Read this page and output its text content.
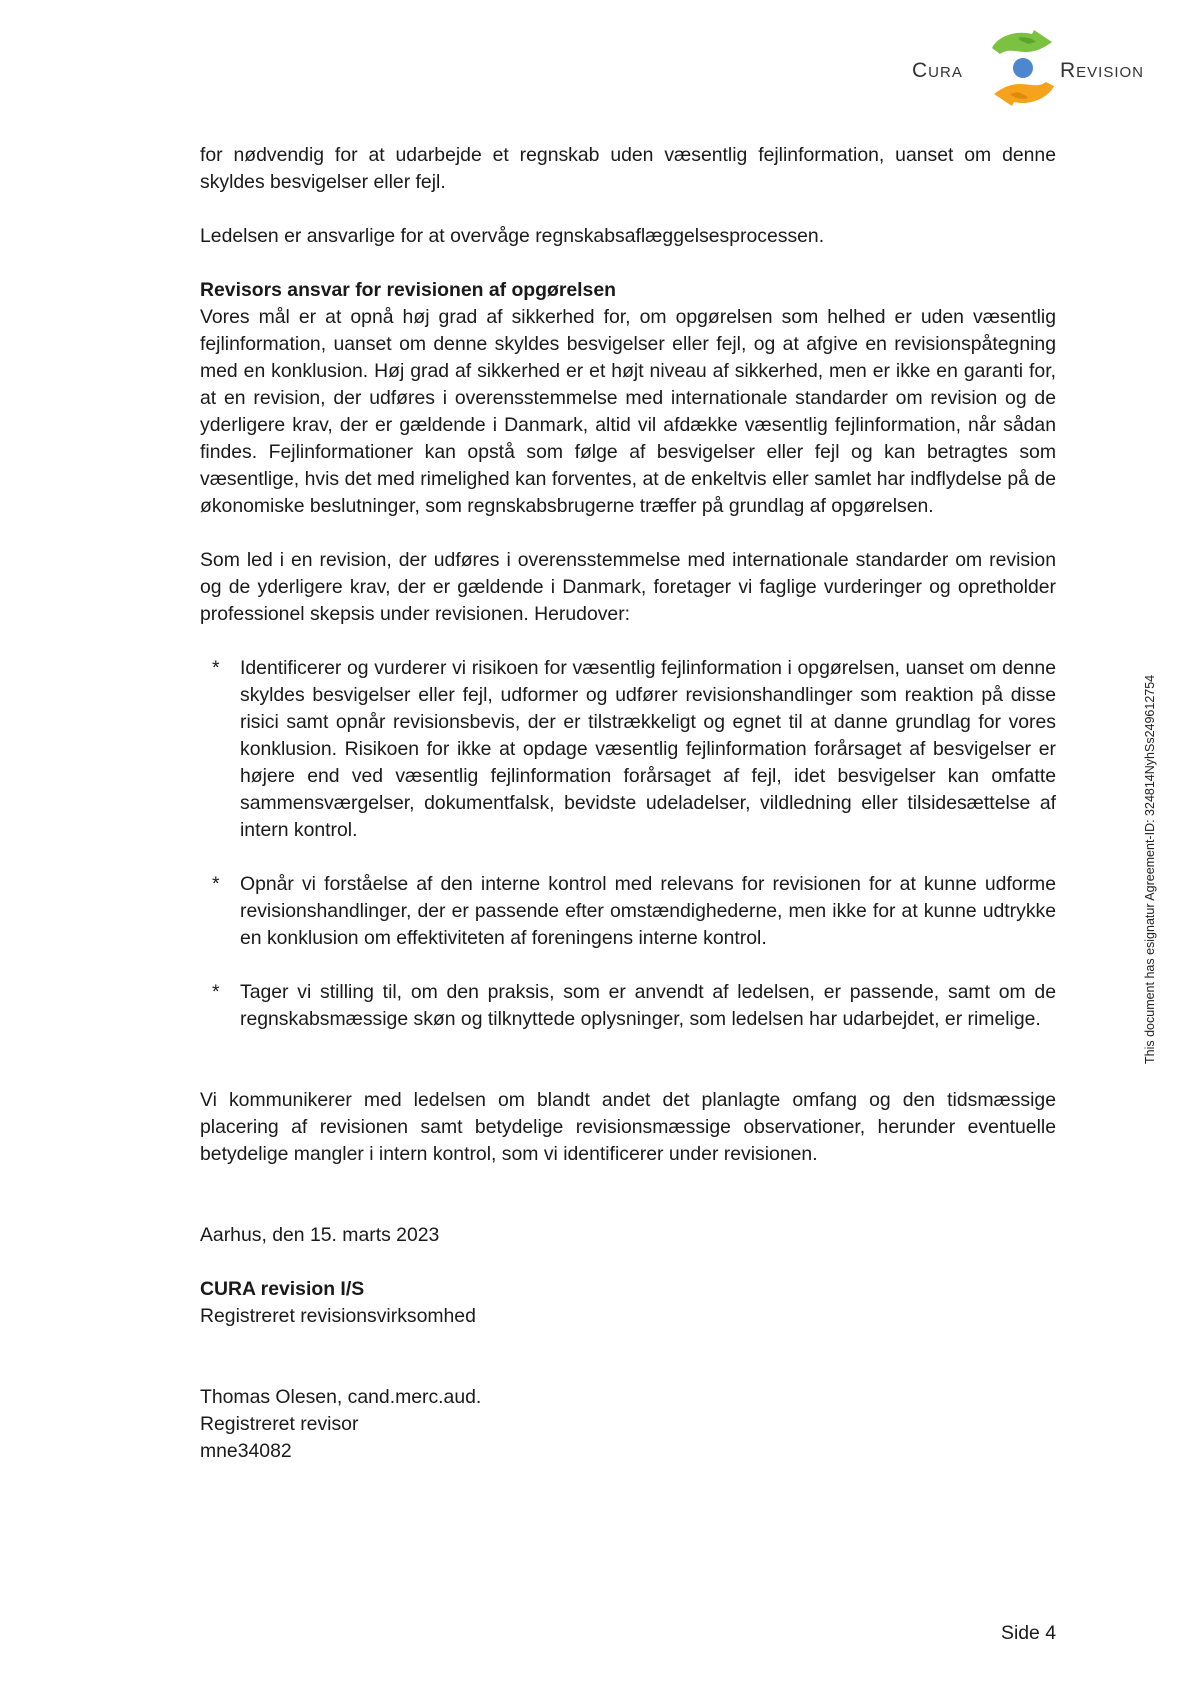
Cura	Revision

for nødvendig for at udarbejde et regnskab uden væsentlig fejlinformation, uanset om denne skyldes besvigelser eller fejl.

Ledelsen er ansvarlige for at overvåge regnskabsaflæggelsesprocessen.

Revisors ansvar for revisionen af opgørelsen

Vores mål er at opnå høj grad af sikkerhed for, om opgørelsen som helhed er uden væsentlig fejlinformation, uanset om denne skyldes besvigelser eller fejl, og at afgive en revisionspåtegning med en konklusion. Høj grad af sikkerhed er et højt niveau af sikkerhed, men er ikke en garanti for, at en revision, der udføres i overensstemmelse med internationale standarder om revision og de yderligere krav, der er gældende i Danmark, altid vil afdække væsentlig fejlinformation, når sådan findes. Fejlinformationer kan opstå som følge af besvigelser eller fejl og kan betragtes som væsentlige, hvis det med rimelighed kan forventes, at de enkeltvis eller samlet har indflydelse på de økonomiske beslutninger, som regnskabsbrugerne træffer på grundlag af opgørelsen.

Som led i en revision, der udføres i overensstemmelse med internationale standarder om revision og de yderligere krav, der er gældende i Danmark, foretager vi faglige vurderinger og opretholder professionel skepsis under revisionen. Herudover:

* Identificerer og vurderer vi risikoen for væsentlig fejlinformation i opgørelsen, uanset om denne skyldes besvigelser eller fejl, udformer og udfører revisionshandlinger som reaktion på disse risici samt opnår revisionsbevis, der er tilstrækkeligt og egnet til at danne grundlag for vores konklusion. Risikoen for ikke at opdage væsentlig fejlinformation forårsaget af besvigelser er højere end ved væsentlig fejlinformation forårsaget af fejl, idet besvigelser kan omfatte sammensværgelser, dokumentfalsk, bevidste udeladelser, vildledning eller tilsidesættelse af intern kontrol.
* Opnår vi forståelse af den interne kontrol med relevans for revisionen for at kunne udforme revisionshandlinger, der er passende efter omstændighederne, men ikke for at kunne udtrykke en konklusion om effektiviteten af foreningens interne kontrol.
* Tager vi stilling til, om den praksis, som er anvendt af ledelsen, er passende, samt om de regnskabsmæssige skøn og tilknyttede oplysninger, som ledelsen har udarbejdet, er rimelige.

Vi kommunikerer med ledelsen om blandt andet det planlagte omfang og den tidsmæssige placering af revisionen samt betydelige revisionsmæssige observationer, herunder eventuelle betydelige mangler i intern kontrol, som vi identificerer under revisionen.

Aarhus, den 15. marts 2023

CURA revision I/S
Registreret revisionsvirksomhed
Thomas Olesen, cand.merc.aud.
Registreret revisor
mne34082
This document has esignatur Agreement-ID: 324814NyhSs249612754
Side 4
